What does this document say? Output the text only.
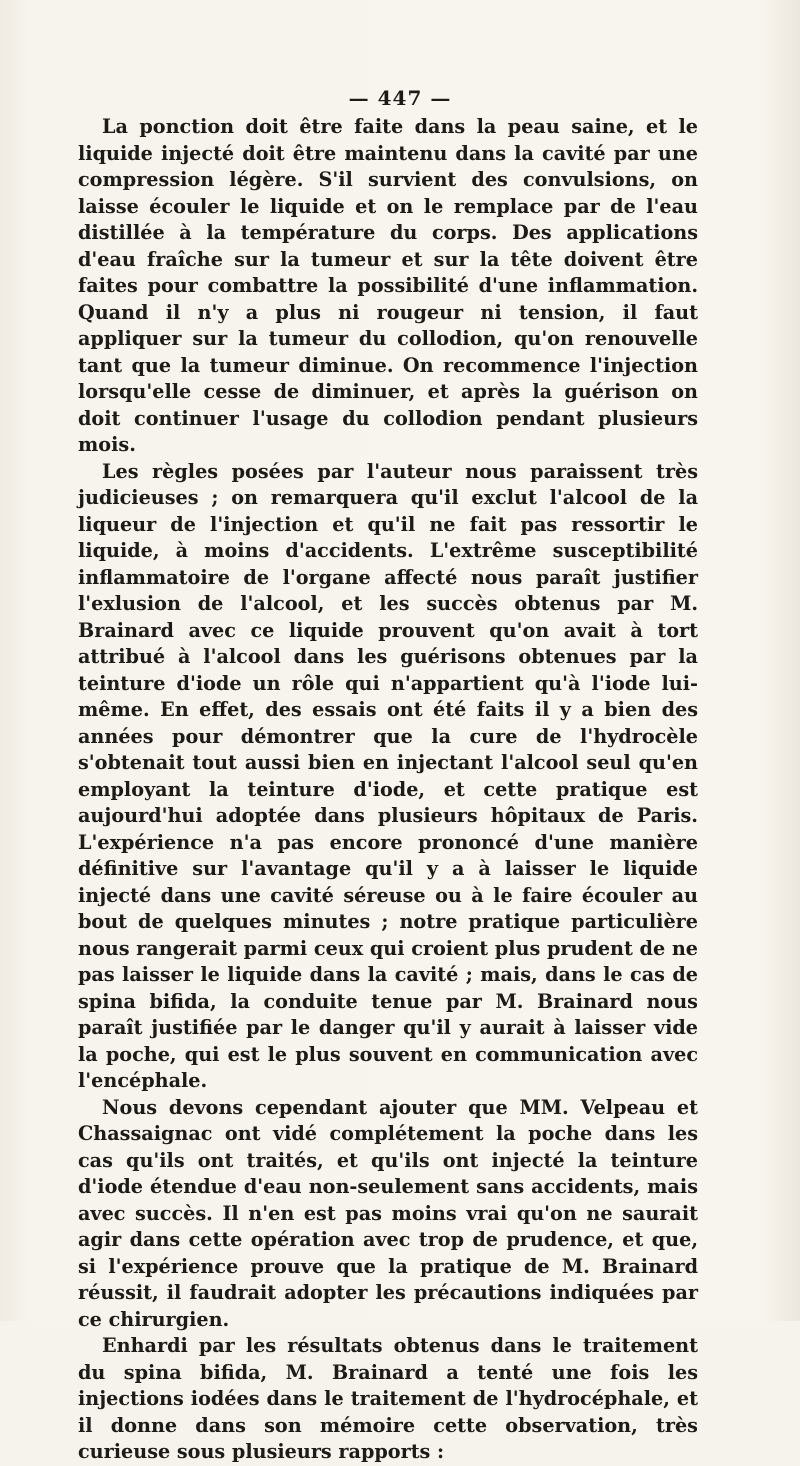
— 447 —

La ponction doit être faite dans la peau saine, et le liquide injecté doit être maintenu dans la cavité par une compression légère. S'il survient des convulsions, on laisse écouler le liquide et on le remplace par de l'eau distillée à la température du corps. Des applications d'eau fraîche sur la tumeur et sur la tête doivent être faites pour combattre la possibilité d'une inflammation. Quand il n'y a plus ni rougeur ni tension, il faut appliquer sur la tumeur du collodion, qu'on renouvelle tant que la tumeur diminue. On recommence l'injection lorsqu'elle cesse de diminuer, et après la guérison on doit continuer l'usage du collodion pendant plusieurs mois.

Les règles posées par l'auteur nous paraissent très judicieuses ; on remarquera qu'il exclut l'alcool de la liqueur de l'injection et qu'il ne fait pas ressortir le liquide, à moins d'accidents. L'extrême susceptibilité inflammatoire de l'organe affecté nous paraît justifier l'exlusion de l'alcool, et les succès obtenus par M. Brainard avec ce liquide prouvent qu'on avait à tort attribué à l'alcool dans les guérisons obtenues par la teinture d'iode un rôle qui n'appartient qu'à l'iode lui-même. En effet, des essais ont été faits il y a bien des années pour démontrer que la cure de l'hydrocèle s'obtenait tout aussi bien en injectant l'alcool seul qu'en employant la teinture d'iode, et cette pratique est aujourd'hui adoptée dans plusieurs hôpitaux de Paris. L'expérience n'a pas encore prononcé d'une manière définitive sur l'avantage qu'il y a à laisser le liquide injecté dans une cavité séreuse ou à le faire écouler au bout de quelques minutes ; notre pratique particulière nous rangerait parmi ceux qui croient plus prudent de ne pas laisser le liquide dans la cavité ; mais, dans le cas de spina bifida, la conduite tenue par M. Brainard nous paraît justifiée par le danger qu'il y aurait à laisser vide la poche, qui est le plus souvent en communication avec l'encéphale.

Nous devons cependant ajouter que MM. Velpeau et Chassaignac ont vidé complétement la poche dans les cas qu'ils ont traités, et qu'ils ont injecté la teinture d'iode étendue d'eau non-seulement sans accidents, mais avec succès. Il n'en est pas moins vrai qu'on ne saurait agir dans cette opération avec trop de prudence, et que, si l'expérience prouve que la pratique de M. Brainard réussit, il faudrait adopter les précautions indiquées par ce chirurgien.

Enhardi par les résultats obtenus dans le traitement du spina bifida, M. Brainard a tenté une fois les injections iodées dans le traitement de l'hydrocéphale, et il donne dans son mémoire cette observation, très curieuse sous plusieurs rapports :
